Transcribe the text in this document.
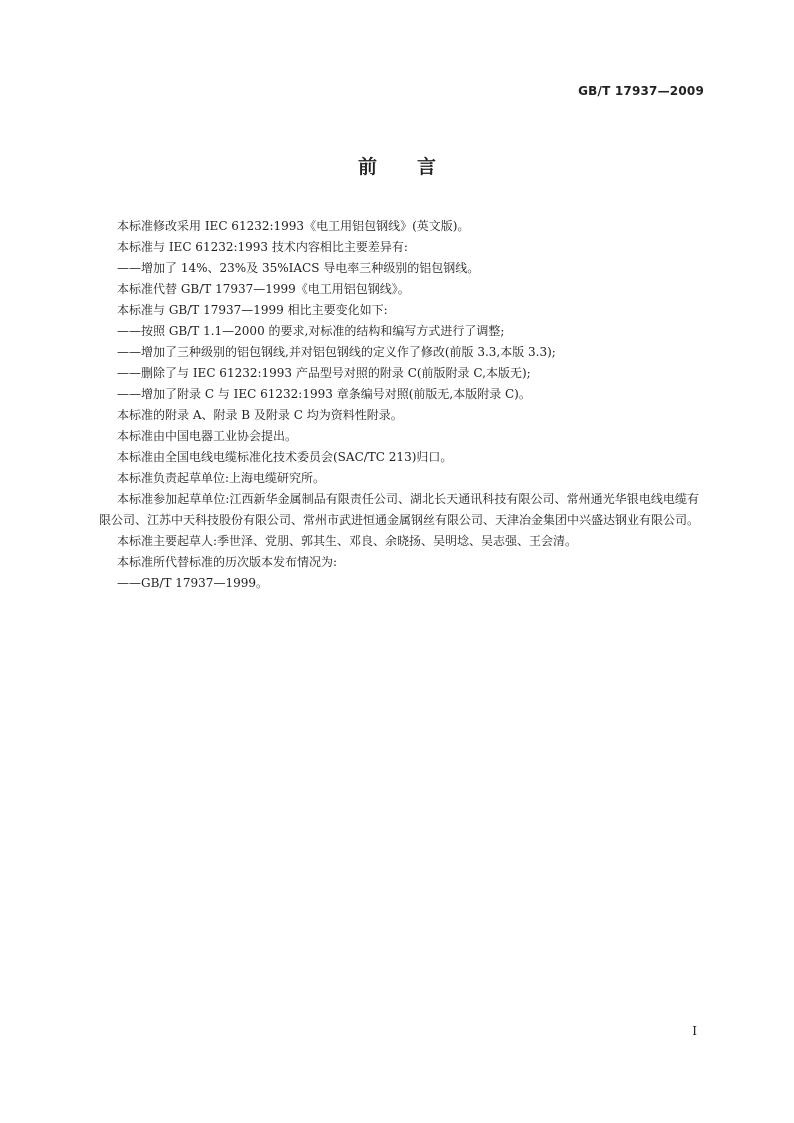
GB/T 17937—2009
前 言

本标准修改采用 IEC 61232:1993《电工用铝包钢线》(英文版)。

本标准与 IEC 61232:1993 技术内容相比主要差异有:

——增加了 14%、23%及 35%IACS 导电率三种级别的铝包钢线。

本标准代替 GB/T 17937—1999《电工用铝包钢线》。

本标准与 GB/T 17937—1999 相比主要变化如下:

——按照 GB/T 1.1—2000 的要求,对标准的结构和编写方式进行了调整;

——增加了三种级别的铝包钢线,并对铝包钢线的定义作了修改(前版 3.3,本版 3.3);

——删除了与 IEC 61232:1993 产品型号对照的附录 C(前版附录 C,本版无);

——增加了附录 C 与 IEC 61232:1993 章条编号对照(前版无,本版附录 C)。

本标准的附录 A、附录 B 及附录 C 均为资料性附录。

本标准由中国电器工业协会提出。

本标准由全国电线电缆标准化技术委员会(SAC/TC 213)归口。

本标准负责起草单位:上海电缆研究所。

本标准参加起草单位:江西新华金属制品有限责任公司、湖北长天通讯科技有限公司、常州通光华银电线电缆有限公司、江苏中天科技股份有限公司、常州市武进恒通金属钢丝有限公司、天津冶金集团中兴盛达钢业有限公司。

本标准主要起草人:季世泽、党朋、郭其生、邓良、余晓扬、吴明埝、吴志强、王会清。

本标准所代替标准的历次版本发布情况为:

——GB/T 17937—1999。

I
